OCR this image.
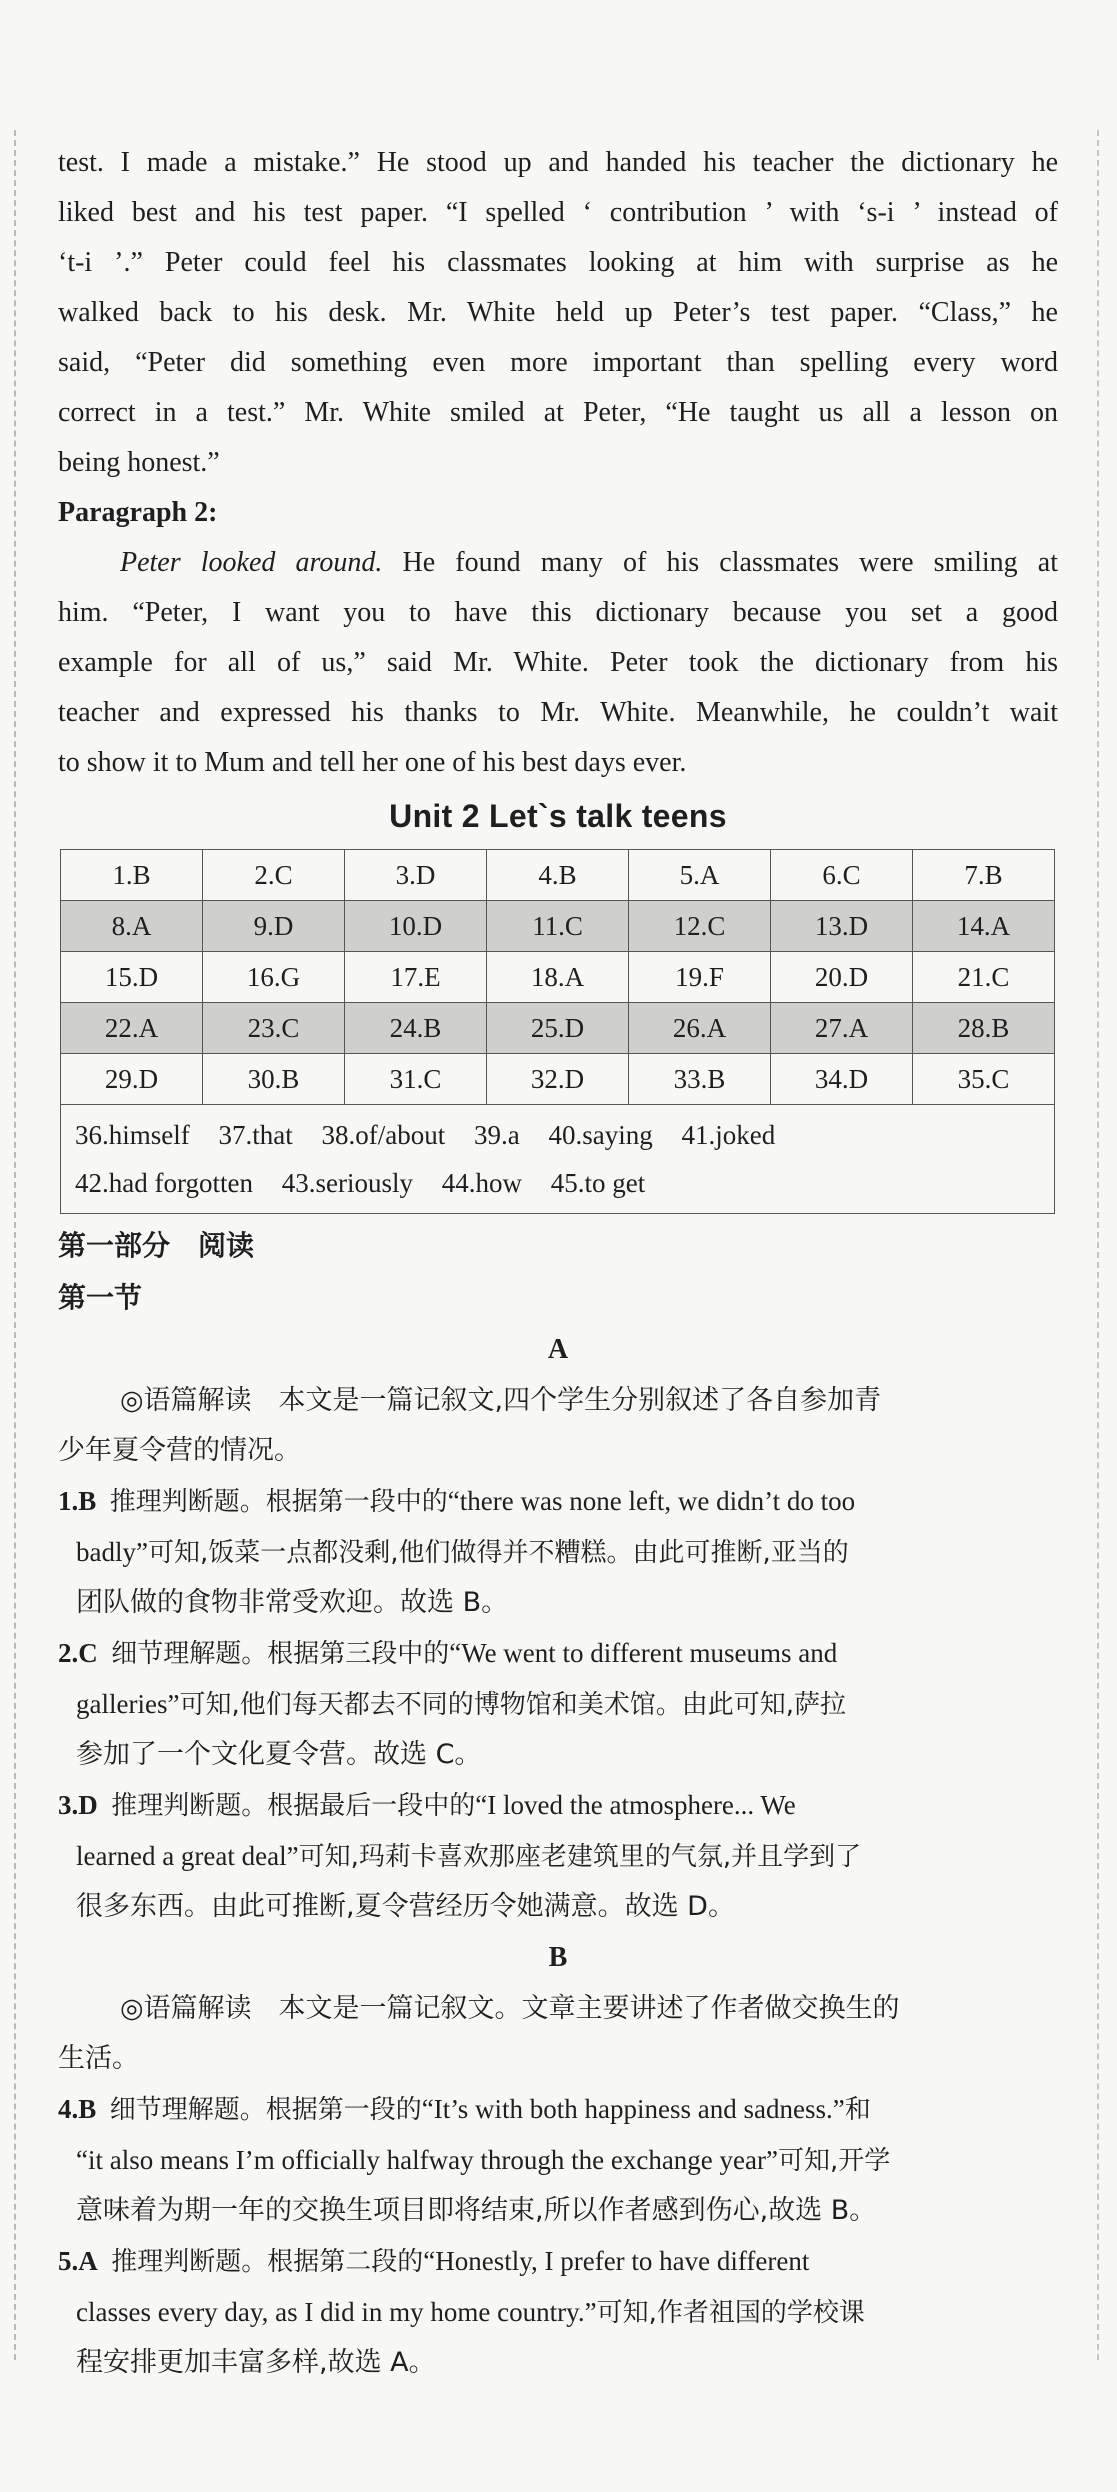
test. I made a mistake.” He stood up and handed his teacher the dictionary he

liked best and his test paper. “I spelled ‘ contribution ’ with ‘s-i ’ instead of

‘t-i ’.” Peter could feel his classmates looking at him with surprise as he

walked back to his desk. Mr. White held up Peter’s test paper. “Class,” he

said, “Peter did something even more important than spelling every word

correct in a test.” Mr. White smiled at Peter, “He taught us all a lesson on

being honest.”

Paragraph 2:

Peter looked around. He found many of his classmates were smiling at

him. “Peter, I want you to have this dictionary because you set a good

example for all of us,” said Mr. White. Peter took the dictionary from his

teacher and expressed his thanks to Mr. White. Meanwhile, he couldn’t wait

to show it to Mum and tell her one of his best days ever.

Unit 2 Let`s talk teens
1.B	2.C	3.D	4.B	5.A	6.C	7.B
8.A	9.D	10.D	11.C	12.C	13.D	14.A
15.D	16.G	17.E	18.A	19.F	20.D	21.C
22.A	23.C	24.B	25.D	26.A	27.A	28.B
29.D	30.B	31.C	32.D	33.B	34.D	35.C

36.himself 37.that 38.of/about 39.a 40.saying 41.joked
42.had forgotten 43.seriously 44.how 45.to get						

第一部分　阅读

第一节

A

◎语篇解读　本文是一篇记叙文,四个学生分别叙述了各自参加青

少年夏令营的情况。

1.B 推理判断题。根据第一段中的“there was none left, we didn’t do too

badly”可知,饭菜一点都没剩,他们做得并不糟糕。由此可推断,亚当的

团队做的食物非常受欢迎。故选 B。

2.C 细节理解题。根据第三段中的“We went to different museums and

galleries”可知,他们每天都去不同的博物馆和美术馆。由此可知,萨拉

参加了一个文化夏令营。故选 C。

3.D 推理判断题。根据最后一段中的“I loved the atmosphere... We

learned a great deal”可知,玛莉卡喜欢那座老建筑里的气氛,并且学到了

很多东西。由此可推断,夏令营经历令她满意。故选 D。

B

◎语篇解读　本文是一篇记叙文。文章主要讲述了作者做交换生的

生活。

4.B 细节理解题。根据第一段的“It’s with both happiness and sadness.”和

“it also means I’m officially halfway through the exchange year”可知,开学

意味着为期一年的交换生项目即将结束,所以作者感到伤心,故选 B。

5.A 推理判断题。根据第二段的“Honestly, I prefer to have different

classes every day, as I did in my home country.”可知,作者祖国的学校课

程安排更加丰富多样,故选 A。
